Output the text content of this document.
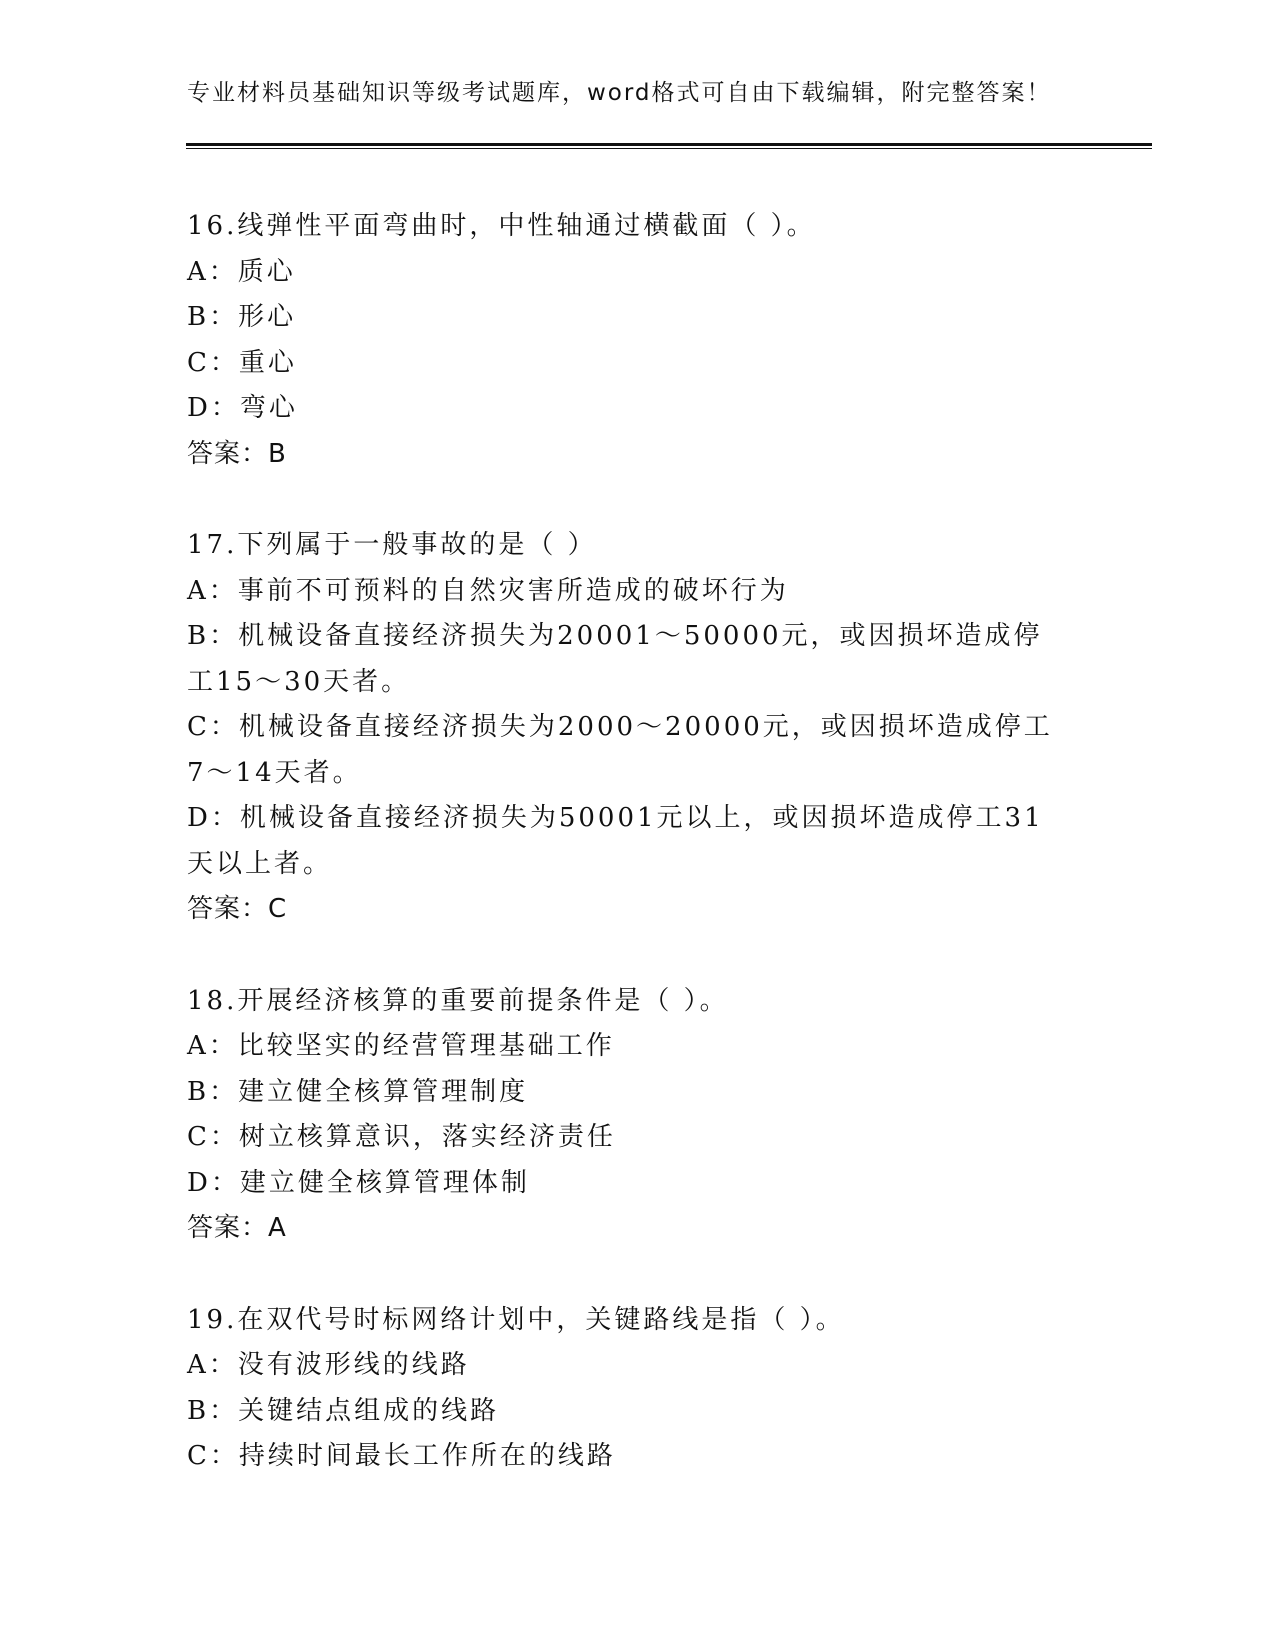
专业材料员基础知识等级考试题库，word格式可自由下载编辑，附完整答案！
16.线弹性平面弯曲时，中性轴通过横截面（ ）。
A：质心
B：形心
C：重心
D：弯心
答案：B
17.下列属于一般事故的是（ ）
A：事前不可预料的自然灾害所造成的破坏行为
B：机械设备直接经济损失为20001～50000元，或因损坏造成停工15～30天者。
C：机械设备直接经济损失为2000～20000元，或因损坏造成停工7～14天者。
D：机械设备直接经济损失为50001元以上，或因损坏造成停工31天以上者。
答案：C
18.开展经济核算的重要前提条件是（ ）。
A：比较坚实的经营管理基础工作
B：建立健全核算管理制度
C：树立核算意识，落实经济责任
D：建立健全核算管理体制
答案：A
19.在双代号时标网络计划中，关键路线是指（ ）。
A：没有波形线的线路
B：关键结点组成的线路
C：持续时间最长工作所在的线路
